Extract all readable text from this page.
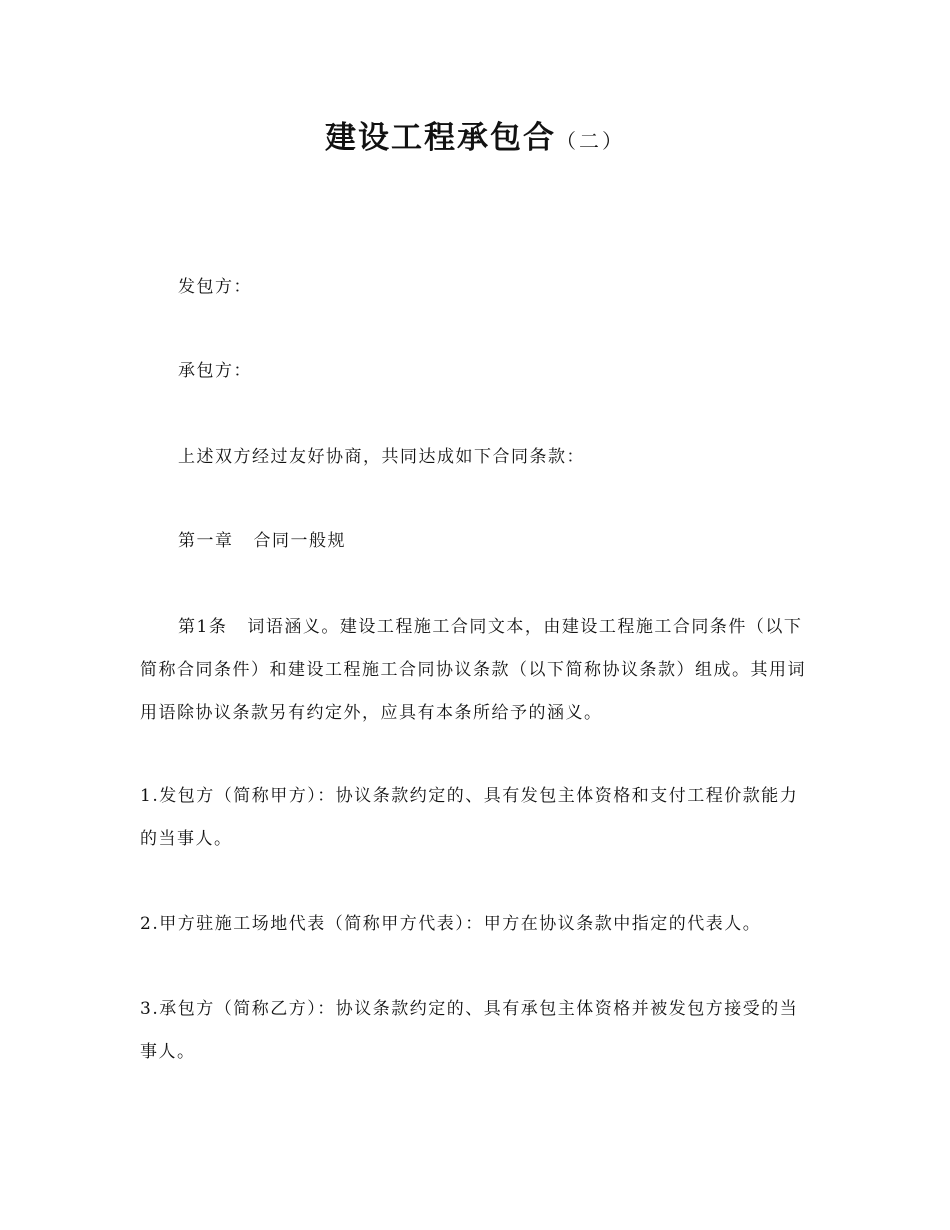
建设工程承包合（二）

发包方：

承包方：

上述双方经过友好协商，共同达成如下合同条款：

第一章 合同一般规

第1条 词语涵义。建设工程施工合同文本，由建设工程施工合同条件（以下简称合同条件）和建设工程施工合同协议条款（以下简称协议条款）组成。其用词用语除协议条款另有约定外，应具有本条所给予的涵义。

1.发包方（简称甲方）：协议条款约定的、具有发包主体资格和支付工程价款能力的当事人。

2.甲方驻施工场地代表（简称甲方代表）：甲方在协议条款中指定的代表人。

3.承包方（简称乙方）：协议条款约定的、具有承包主体资格并被发包方接受的当事人。
